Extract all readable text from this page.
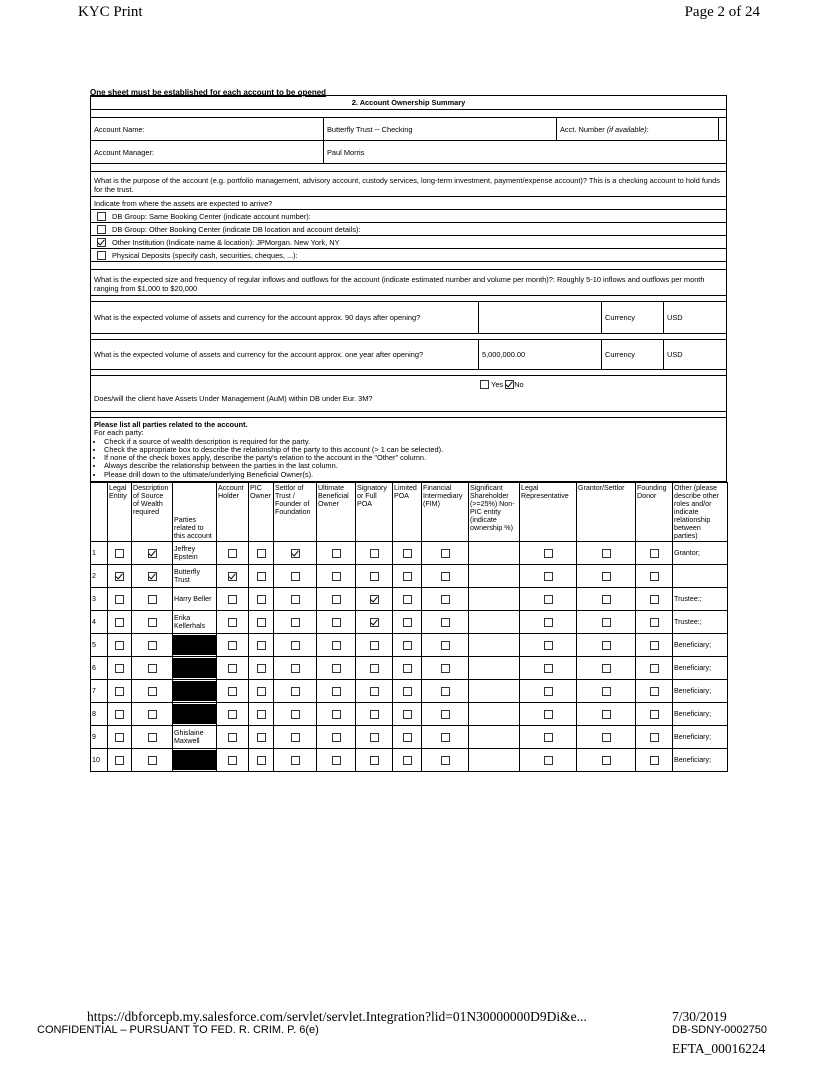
KYC Print	Page 2 of 24
One sheet must be established for each account to be opened
2. Account Ownership Summary
Account Name:	Butterfly Trust -- Checking	Acct. Number
(if available) :
Account Manager:	Paul Morris
What is the purpose of the account (e.g. portfolio management, advisory account, custody services, long-term investment, payment/expense account)? This is a checking account to hold funds for the trust.
Indicate from where the assets are expected to arrive?
DB Group: Same Booking Center (indicate account number):
DB Group: Other Booking Center (indicate DB location and account details):
Other Institution (Indicate name & location): JPMorgan. New York, NY
Physical Deposits (specify cash, securities, cheques, ...):
What is the expected size and frequency of regular inflows and outflows for the account (indicate estimated number and volume per month)?: Roughly 5-10 inflows and outflows per month ranging from $1,000 to $20,000
What is the expected volume of assets and currency for the account approx. 90 days after opening?	Currency	USD
What is the expected volume of assets and currency for the account approx. one year after opening?	5,000,000.00	Currency	USD
Does/will the client have Assets Under Management (AuM) within DB under Eur. 3M?

Yes
No
Please list all parties related to the account.
For each party:
• Check if a source of wealth description is required for the party.
• Check the appropriate box to describe the relationship of the party to this account (> 1 can be selected).
• If none of the check boxes apply, describe the party's relation to the account in the "Other" column.
• Always describe the relationship between the parties in the last column.
• Please drill down to the ultimate/underlying Beneficial Owner(s).
	Legal Entity	Description of Source of Wealth required	Parties related to this account	Account Holder	PIC Owner	Settlor of Trust / Founder of Foundation	Ultimate Beneficial Owner	Signatory or Full POA	Limited POA	Financial Intermediary (FIM)	Significant Shareholder (>=25%) Non-PIC entity (indicate ownership %)	Legal Representative	Grantor/Settlor	Founding Donor	Other (please describe other roles and/or indicate relationship between parties)
1			Jeffrey Epstein												Grantor;
2			Butterfly Trust												
3			Harry Beller												Trustee:;
4			Erika Kellerhals												Trustee:;
5															Beneficiary;
6															Beneficiary;
7															Beneficiary;
8															Beneficiary;
9			Ghislaine Maxwell												Beneficiary;
10															Beneficiary;
https://dbforcepb.my.salesforce.com/servlet/servlet.Integration?lid=01N30000000D9Di&e...	7/30/2019
CONFIDENTIAL – PURSUANT TO FED. R. CRIM. P. 6(e)	DB-SDNY-0002750
EFTA_00016224
